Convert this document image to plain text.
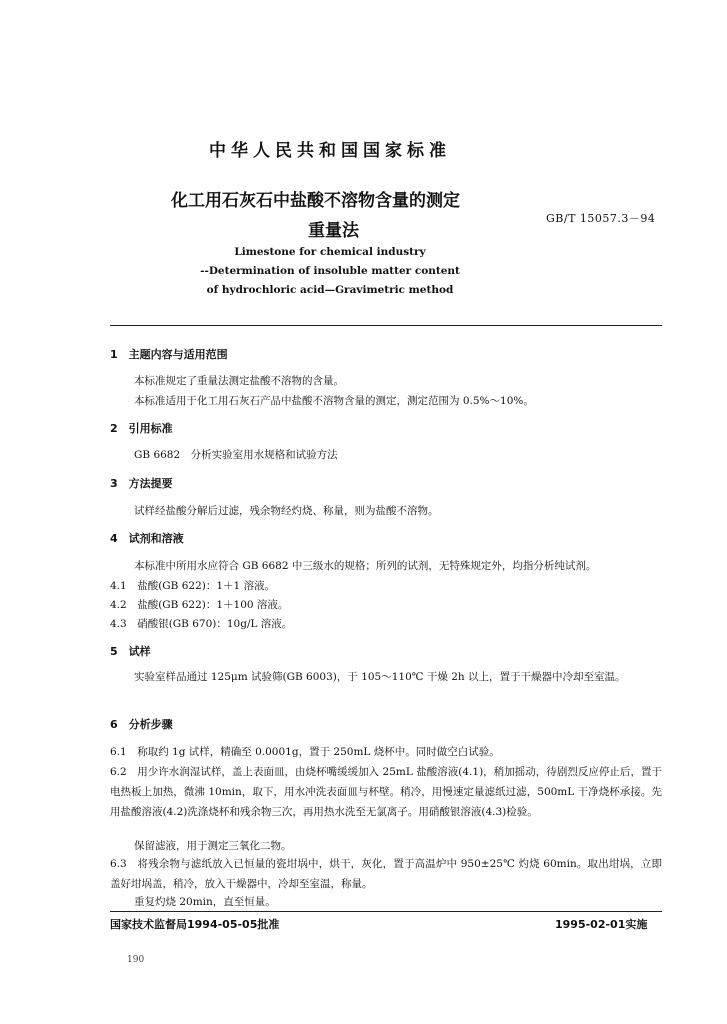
中华人民共和国国家标准
化工用石灰石中盐酸不溶物含量的测定
重量法
GB/T 15057.3－94
Limestone for chemical industry
--Determination of insoluble matter content
of hydrochloric acid—Gravimetric method
1　主题内容与适用范围
本标准规定了重量法测定盐酸不溶物的含量。
本标准适用于化工用石灰石产品中盐酸不溶物含量的测定，测定范围为 0.5%～10%。
2　引用标准
GB 6682　分析实验室用水规格和试验方法
3　方法提要
试样经盐酸分解后过滤，残余物经灼烧、称量，则为盐酸不溶物。
4　试剂和溶液
本标准中所用水应符合 GB 6682 中三级水的规格；所列的试剂，无特殊规定外，均指分析纯试剂。
4.1　盐酸(GB 622)：1＋1 溶液。
4.2　盐酸(GB 622)：1＋100 溶液。
4.3　硝酸银(GB 670)：10g/L 溶液。
5　试样
实验室样品通过 125μm 试验筛(GB 6003)，于 105～110℃ 干燥 2h 以上，置于干燥器中冷却至室温。
6　分析步骤
6.1　称取约 1g 试样，精确至 0.0001g，置于 250mL 烧杯中。同时做空白试验。
6.2　用少许水润湿试样，盖上表面皿，由烧杯嘴缓缓加入 25mL 盐酸溶液(4.1)，稍加摇动，待剧烈反应停止后，置于电热板上加热，微沸 10min，取下，用水冲洗表面皿与杯壁。稍冷，用慢速定量滤纸过滤，500mL 干净烧杯承接。先用盐酸溶液(4.2)洗涤烧杯和残余物三次，再用热水洗至无氯离子。用硝酸银溶液(4.3)检验。
保留滤液，用于测定三氧化二物。
6.3　将残余物与滤纸放入已恒量的瓷坩埚中，烘干，灰化，置于高温炉中 950±25℃ 灼烧 60min。取出坩埚，立即盖好坩埚盖，稍冷，放入干燥器中，冷却至室温，称量。
重复灼烧 20min，直至恒量。
国家技术监督局1994-05-05批准	1995-02-01实施
190
